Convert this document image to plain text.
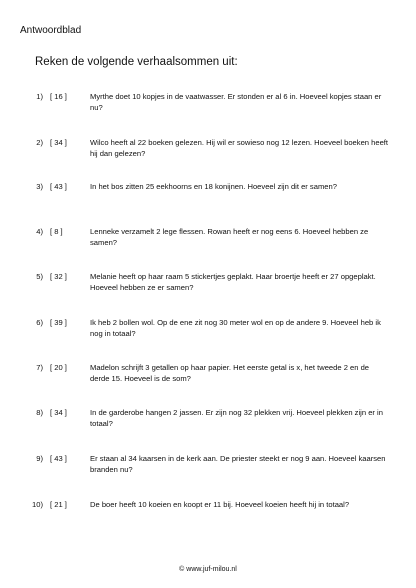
Antwoordblad
Reken de volgende verhaalsommen uit:
1) [ 16 ]	Myrthe doet 10 kopjes in de vaatwasser. Er stonden er al 6 in. Hoeveel kopjes staan er nu?
2) [ 34 ]	Wilco heeft al 22 boeken gelezen. Hij wil er sowieso nog 12 lezen. Hoeveel boeken heeft hij dan gelezen?
3) [ 43 ]	In het bos zitten 25 eekhoorns en 18 konijnen. Hoeveel zijn dit er samen?
4) [ 8 ]	Lenneke verzamelt 2 lege flessen. Rowan heeft er nog eens 6. Hoeveel hebben ze samen?
5) [ 32 ]	Melanie heeft op haar raam 5 stickertjes geplakt. Haar broertje heeft er 27 opgeplakt. Hoeveel hebben ze er samen?
6) [ 39 ]	Ik heb 2 bollen wol. Op de ene zit nog 30 meter wol en op de andere 9. Hoeveel heb ik nog in totaal?
7) [ 20 ]	Madelon schrijft 3 getallen op haar papier. Het eerste getal is x, het tweede 2 en de derde 15. Hoeveel is de som?
8) [ 34 ]	In de garderobe hangen 2 jassen. Er zijn nog 32 plekken vrij. Hoeveel plekken zijn er in totaal?
9) [ 43 ]	Er staan al 34 kaarsen in de kerk aan. De priester steekt er nog 9 aan. Hoeveel kaarsen branden nu?
10) [ 21 ]	De boer heeft 10 koeien en koopt er 11 bij. Hoeveel koeien heeft hij in totaal?
© www.juf-milou.nl
